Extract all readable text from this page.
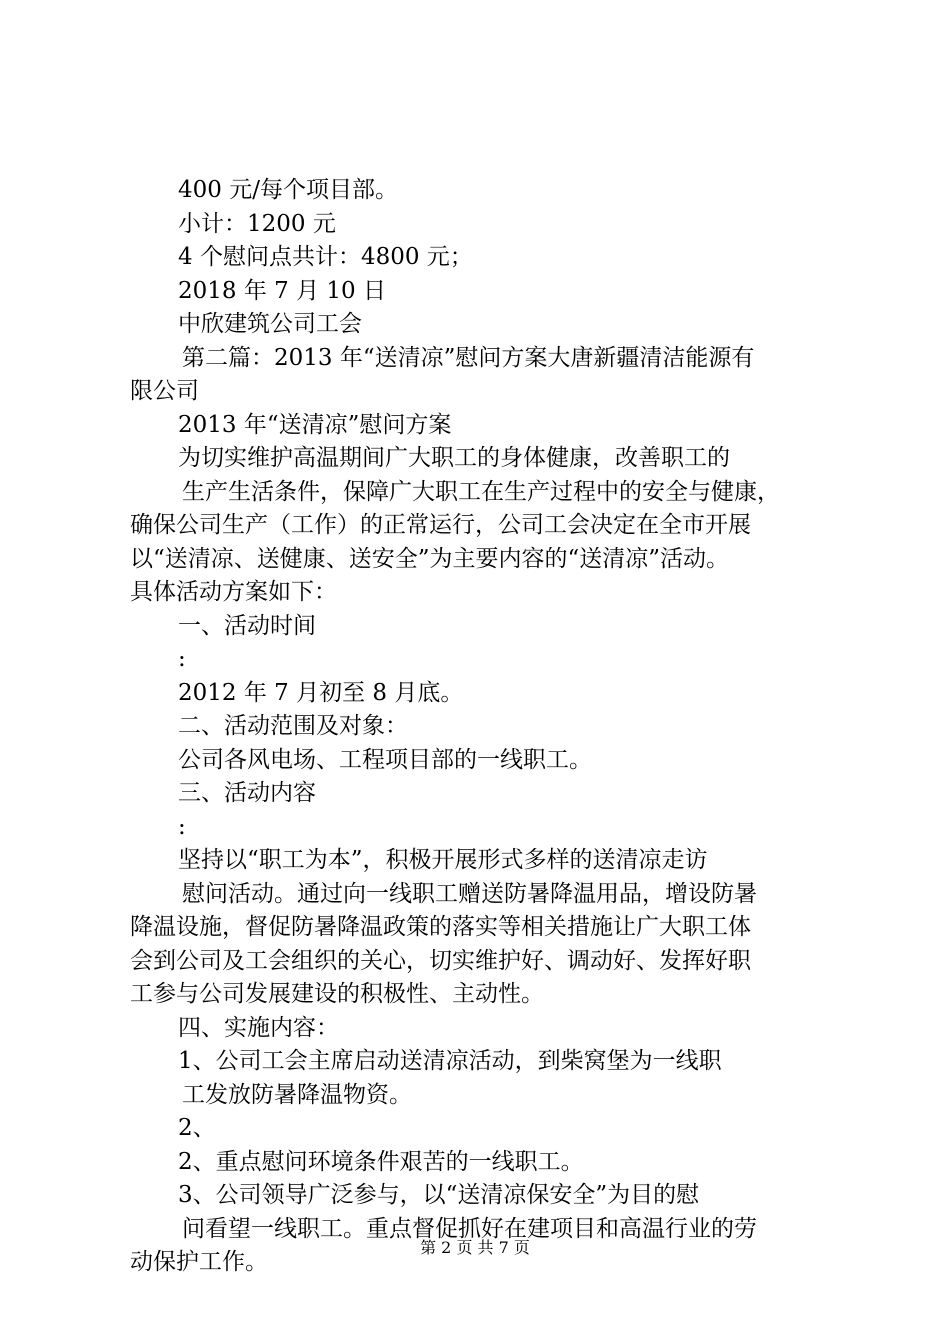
400 元/每个项目部。
小计：1200 元
4 个慰问点共计：4800 元；
2018 年 7 月 10 日
中欣建筑公司工会
第二篇：2013 年“送清凉”慰问方案大唐新疆清洁能源有
限公司
2013 年“送清凉”慰问方案
为切实维护高温期间广大职工的身体健康，改善职工的
生产生活条件，保障广大职工在生产过程中的安全与健康，
确保公司生产（工作）的正常运行，公司工会决定在全市开展
以“送清凉、送健康、送安全”为主要内容的“送清凉”活动。
具体活动方案如下：
一、活动时间
:
2012 年 7 月初至 8 月底。
二、活动范围及对象：
公司各风电场、工程项目部的一线职工。
三、活动内容
:
坚持以“职工为本”，积极开展形式多样的送清凉走访
慰问活动。通过向一线职工赠送防暑降温用品，增设防暑
降温设施，督促防暑降温政策的落实等相关措施让广大职工体
会到公司及工会组织的关心，切实维护好、调动好、发挥好职
工参与公司发展建设的积极性、主动性。
四、实施内容：
1、公司工会主席启动送清凉活动，到柴窝堡为一线职
工发放防暑降温物资。
2、
2、重点慰问环境条件艰苦的一线职工。
3、公司领导广泛参与，以“送清凉保安全”为目的慰
问看望一线职工。重点督促抓好在建项目和高温行业的劳
动保护工作。
第 2 页 共 7 页
